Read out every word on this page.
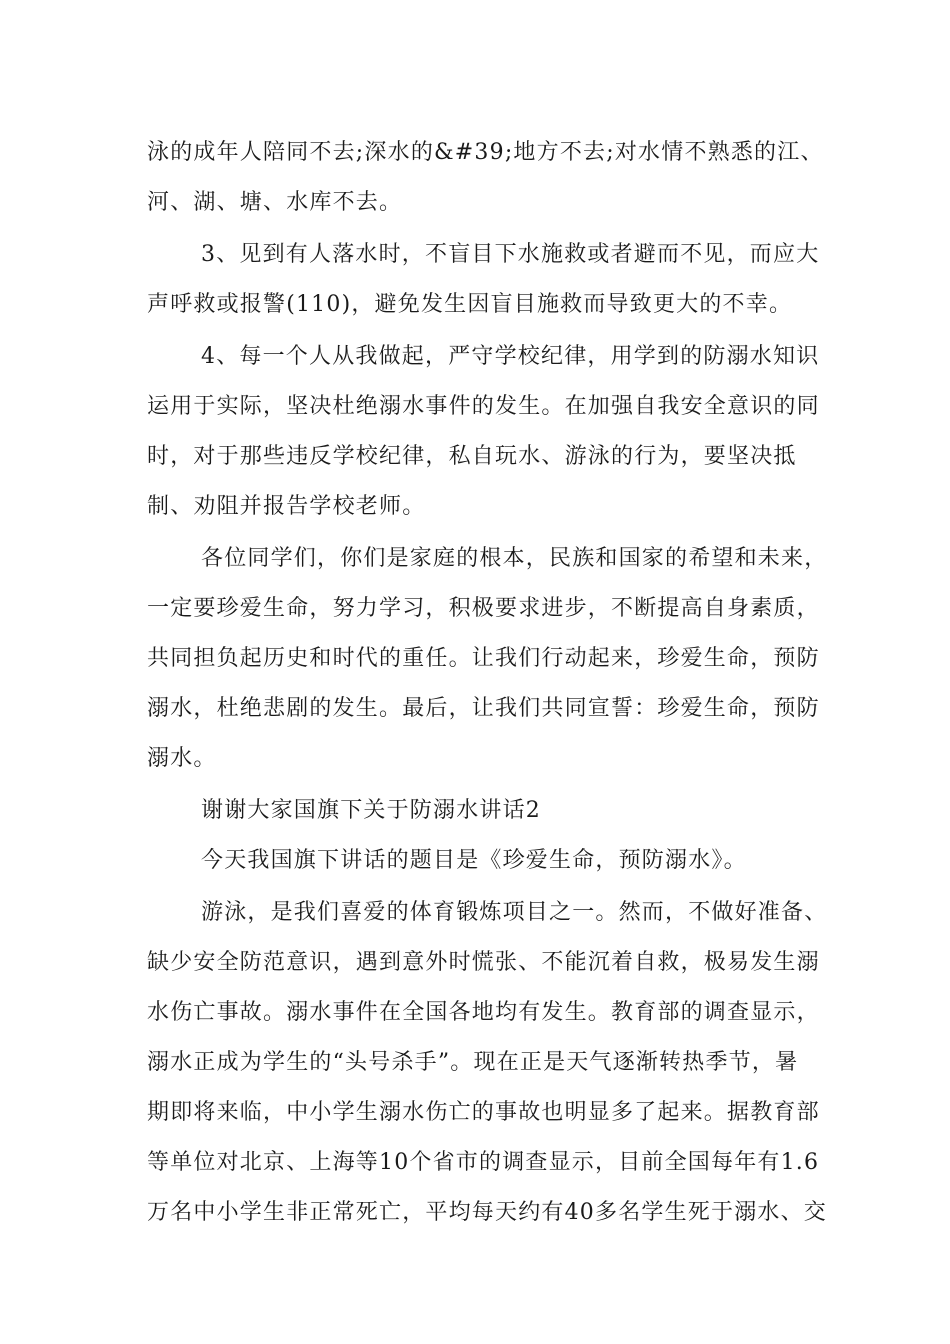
泳的成年人陪同不去;深水的&#39;地方不去;对水情不熟悉的江、
河、湖、塘、水库不去。
3、见到有人落水时，不盲目下水施救或者避而不见，而应大
声呼救或报警(110)，避免发生因盲目施救而导致更大的不幸。
4、每一个人从我做起，严守学校纪律，用学到的防溺水知识
运用于实际，坚决杜绝溺水事件的发生。在加强自我安全意识的同
时，对于那些违反学校纪律，私自玩水、游泳的行为，要坚决抵
制、劝阻并报告学校老师。
各位同学们，你们是家庭的根本，民族和国家的希望和未来，
一定要珍爱生命，努力学习，积极要求进步，不断提高自身素质，
共同担负起历史和时代的重任。让我们行动起来，珍爱生命，预防
溺水，杜绝悲剧的发生。最后，让我们共同宣誓：珍爱生命，预防
溺水。
谢谢大家国旗下关于防溺水讲话2
今天我国旗下讲话的题目是《珍爱生命，预防溺水》。
游泳，是我们喜爱的体育锻炼项目之一。然而，不做好准备、
缺少安全防范意识，遇到意外时慌张、不能沉着自救，极易发生溺
水伤亡事故。溺水事件在全国各地均有发生。教育部的调查显示，
溺水正成为学生的“头号杀手”。现在正是天气逐渐转热季节，暑
期即将来临，中小学生溺水伤亡的事故也明显多了起来。据教育部
等单位对北京、上海等10个省市的调查显示，目前全国每年有1.6
万名中小学生非正常死亡，平均每天约有40多名学生死于溺水、交
